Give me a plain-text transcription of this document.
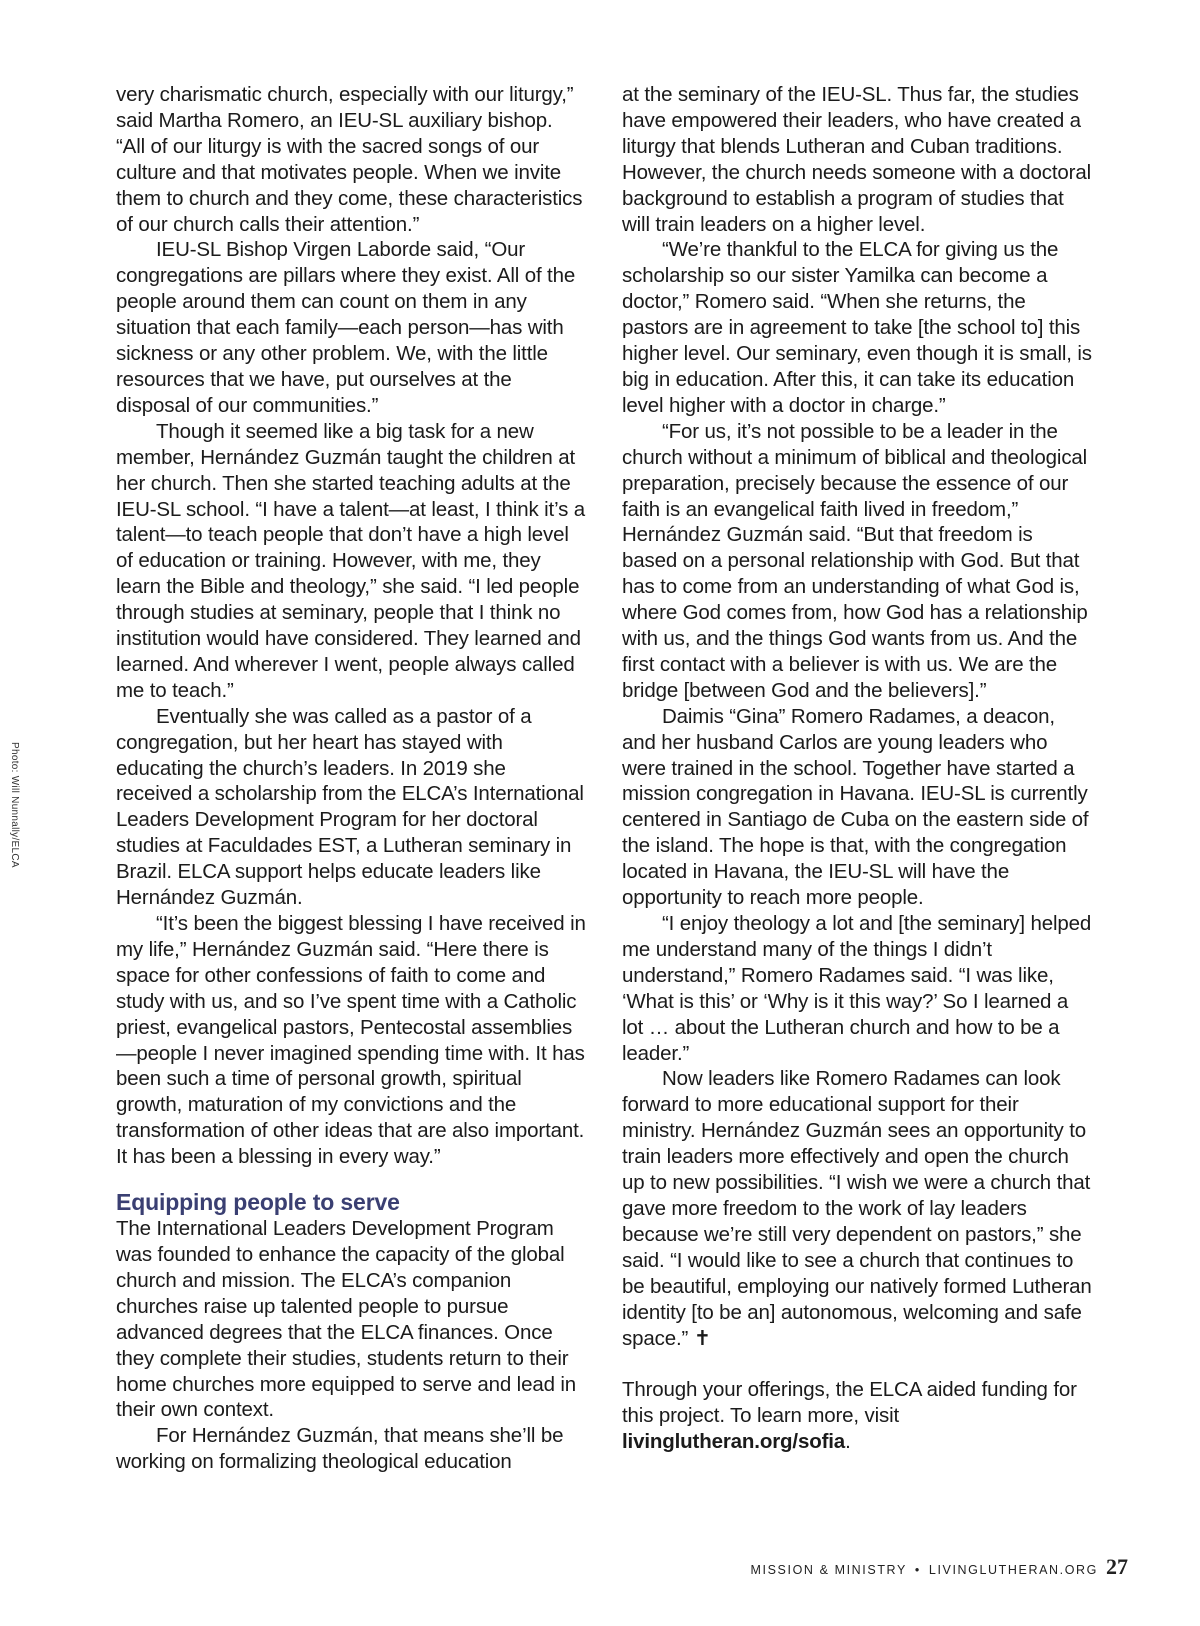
Photo: Will Nunnally/ELCA

very charismatic church, especially with our liturgy,” said Martha Romero, an IEU-SL auxiliary bishop. “All of our liturgy is with the sacred songs of our culture and that motivates people. When we invite them to church and they come, these characteristics of our church calls their attention.”

IEU-SL Bishop Virgen Laborde said, “Our congregations are pillars where they exist. All of the people around them can count on them in any situation that each family—each person—has with sickness or any other problem. We, with the little resources that we have, put ourselves at the disposal of our communities.”

Though it seemed like a big task for a new member, Hernández Guzmán taught the children at her church. Then she started teaching adults at the IEU-SL school. “I have a talent—at least, I think it’s a talent—to teach people that don’t have a high level of education or training. However, with me, they learn the Bible and theology,” she said. “I led people through studies at seminary, people that I think no institution would have considered. They learned and learned. And wherever I went, people always called me to teach.”

Eventually she was called as a pastor of a congregation, but her heart has stayed with educating the church’s leaders. In 2019 she received a scholarship from the ELCA’s International Leaders Development Program for her doctoral studies at Faculdades EST, a Lutheran seminary in Brazil. ELCA support helps educate leaders like Hernández Guzmán.

“It’s been the biggest blessing I have received in my life,” Hernández Guzmán said. “Here there is space for other confessions of faith to come and study with us, and so I’ve spent time with a Catholic priest, evangelical pastors, Pentecostal assemblies—people I never imagined spending time with. It has been such a time of personal growth, spiritual growth, maturation of my convictions and the transformation of other ideas that are also important. It has been a blessing in every way.”

Equipping people to serve

The International Leaders Development Program was founded to enhance the capacity of the global church and mission. The ELCA’s companion churches raise up talented people to pursue advanced degrees that the ELCA finances. Once they complete their studies, students return to their home churches more equipped to serve and lead in their own context.

For Hernández Guzmán, that means she’ll be working on formalizing theological education

at the seminary of the IEU-SL. Thus far, the studies have empowered their leaders, who have created a liturgy that blends Lutheran and Cuban traditions. However, the church needs someone with a doctoral background to establish a program of studies that will train leaders on a higher level.

“We’re thankful to the ELCA for giving us the scholarship so our sister Yamilka can become a doctor,” Romero said. “When she returns, the pastors are in agreement to take [the school to] this higher level. Our seminary, even though it is small, is big in education. After this, it can take its education level higher with a doctor in charge.”

“For us, it’s not possible to be a leader in the church without a minimum of biblical and theological preparation, precisely because the essence of our faith is an evangelical faith lived in freedom,” Hernández Guzmán said. “But that freedom is based on a personal relationship with God. But that has to come from an understanding of what God is, where God comes from, how God has a relationship with us, and the things God wants from us. And the first contact with a believer is with us. We are the bridge [between God and the believers].”

Daimis “Gina” Romero Radames, a deacon, and her husband Carlos are young leaders who were trained in the school. Together have started a mission congregation in Havana. IEU-SL is currently centered in Santiago de Cuba on the eastern side of the island. The hope is that, with the congregation located in Havana, the IEU-SL will have the opportunity to reach more people.

“I enjoy theology a lot and [the seminary] helped me understand many of the things I didn’t understand,” Romero Radames said. “I was like, ‘What is this’ or ‘Why is it this way?’ So I learned a lot … about the Lutheran church and how to be a leader.”

Now leaders like Romero Radames can look forward to more educational support for their ministry. Hernández Guzmán sees an opportunity to train leaders more effectively and open the church up to new possibilities. “I wish we were a church that gave more freedom to the work of lay leaders because we’re still very dependent on pastors,” she said. “I would like to see a church that continues to be beautiful, employing our natively formed Lutheran identity [to be an] autonomous, welcoming and safe space.” ✝

Through your offerings, the ELCA aided funding for this project. To learn more, visit livinglutheran.org/sofia.

MISSION & MINISTRY • LIVINGLUTHERAN.ORG 27
